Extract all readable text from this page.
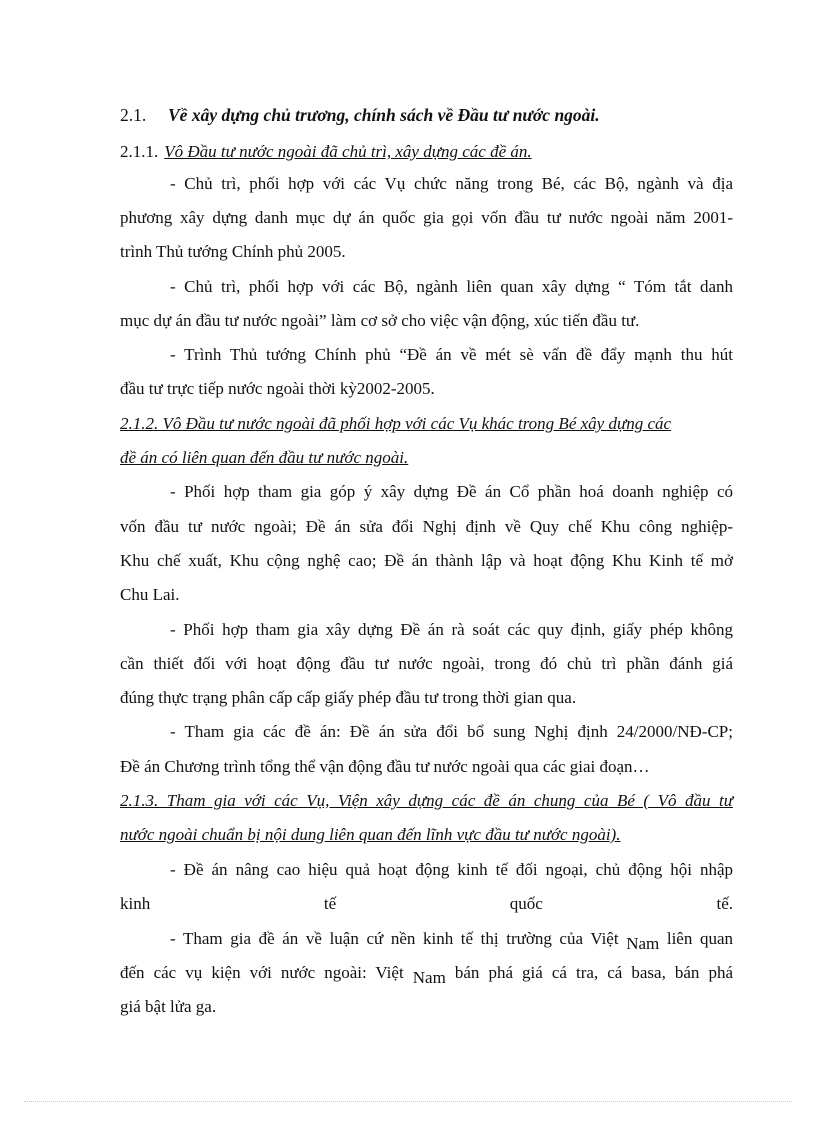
2.1. Về xây dựng chủ trương, chính sách về Đầu tư nước ngoài.
2.1.1. Vô Đầu tư nước ngoài đã chủ trì, xây dựng các đề án.
- Chủ trì, phối hợp với các Vụ chức năng trong Bé, các Bộ, ngành và địa
phương xây dựng danh mục dự án quốc gia gọi vốn đầu tư nước ngoài năm 2001-
trình Thủ tướng Chính phủ 2005.
- Chủ trì, phối hợp với các Bộ, ngành liên quan xây dựng “ Tóm tắt danh
mục dự án đầu tư nước ngoài” làm cơ sở cho việc vận động, xúc tiến đầu tư.
- Trình Thủ tướng Chính phủ “Đề án về mét sè vấn đề đẩy mạnh thu hút
đầu tư trực tiếp nước ngoài thời kỳ2002-2005.
2.1.2. Vô Đầu tư nước ngoài đã phối hợp với các Vụ khác trong Bé xây dựng các
đề án có liên quan đến đầu tư nước ngoài.
- Phối hợp tham gia góp ý xây dựng Đề án Cổ phần hoá doanh nghiệp có
vốn đầu tư nước ngoài; Đề án sửa đổi Nghị định về Quy chế Khu công nghiệp-
Khu chế xuất, Khu cộng nghệ cao; Đề án thành lập và hoạt động Khu Kinh tế mở
Chu Lai.
- Phối hợp tham gia xây dựng Đề án rà soát các quy định, giấy phép không
cần thiết đối với hoạt động đầu tư nước ngoài, trong đó chủ trì phần đánh giá
đúng thực trạng phân cấp cấp giấy phép đầu tư trong thời gian qua.
- Tham gia các đề án: Đề án sửa đổi bổ sung Nghị định 24/2000/NĐ-CP;
Đề án Chương trình tổng thể vận động đầu tư nước ngoài qua các giai đoạn…
2.1.3. Tham gia với các Vụ, Viện xây dựng các đề án chung của Bé ( Vô đầu tư
nước ngoài chuẩn bị nội dung liên quan đến lĩnh vực đầu tư nước ngoài).
- Đề án nâng cao hiệu quả hoạt động kinh tế đối ngoại, chủ động hội nhập
kinh tế quốc tế.
- Tham gia đề án về luận cứ nền kinh tế thị trường của Việt Nam liên quan
đến các vụ kiện với nước ngoài: Việt Nam bán phá giá cá tra, cá basa, bán phá
giá bật lửa ga.
